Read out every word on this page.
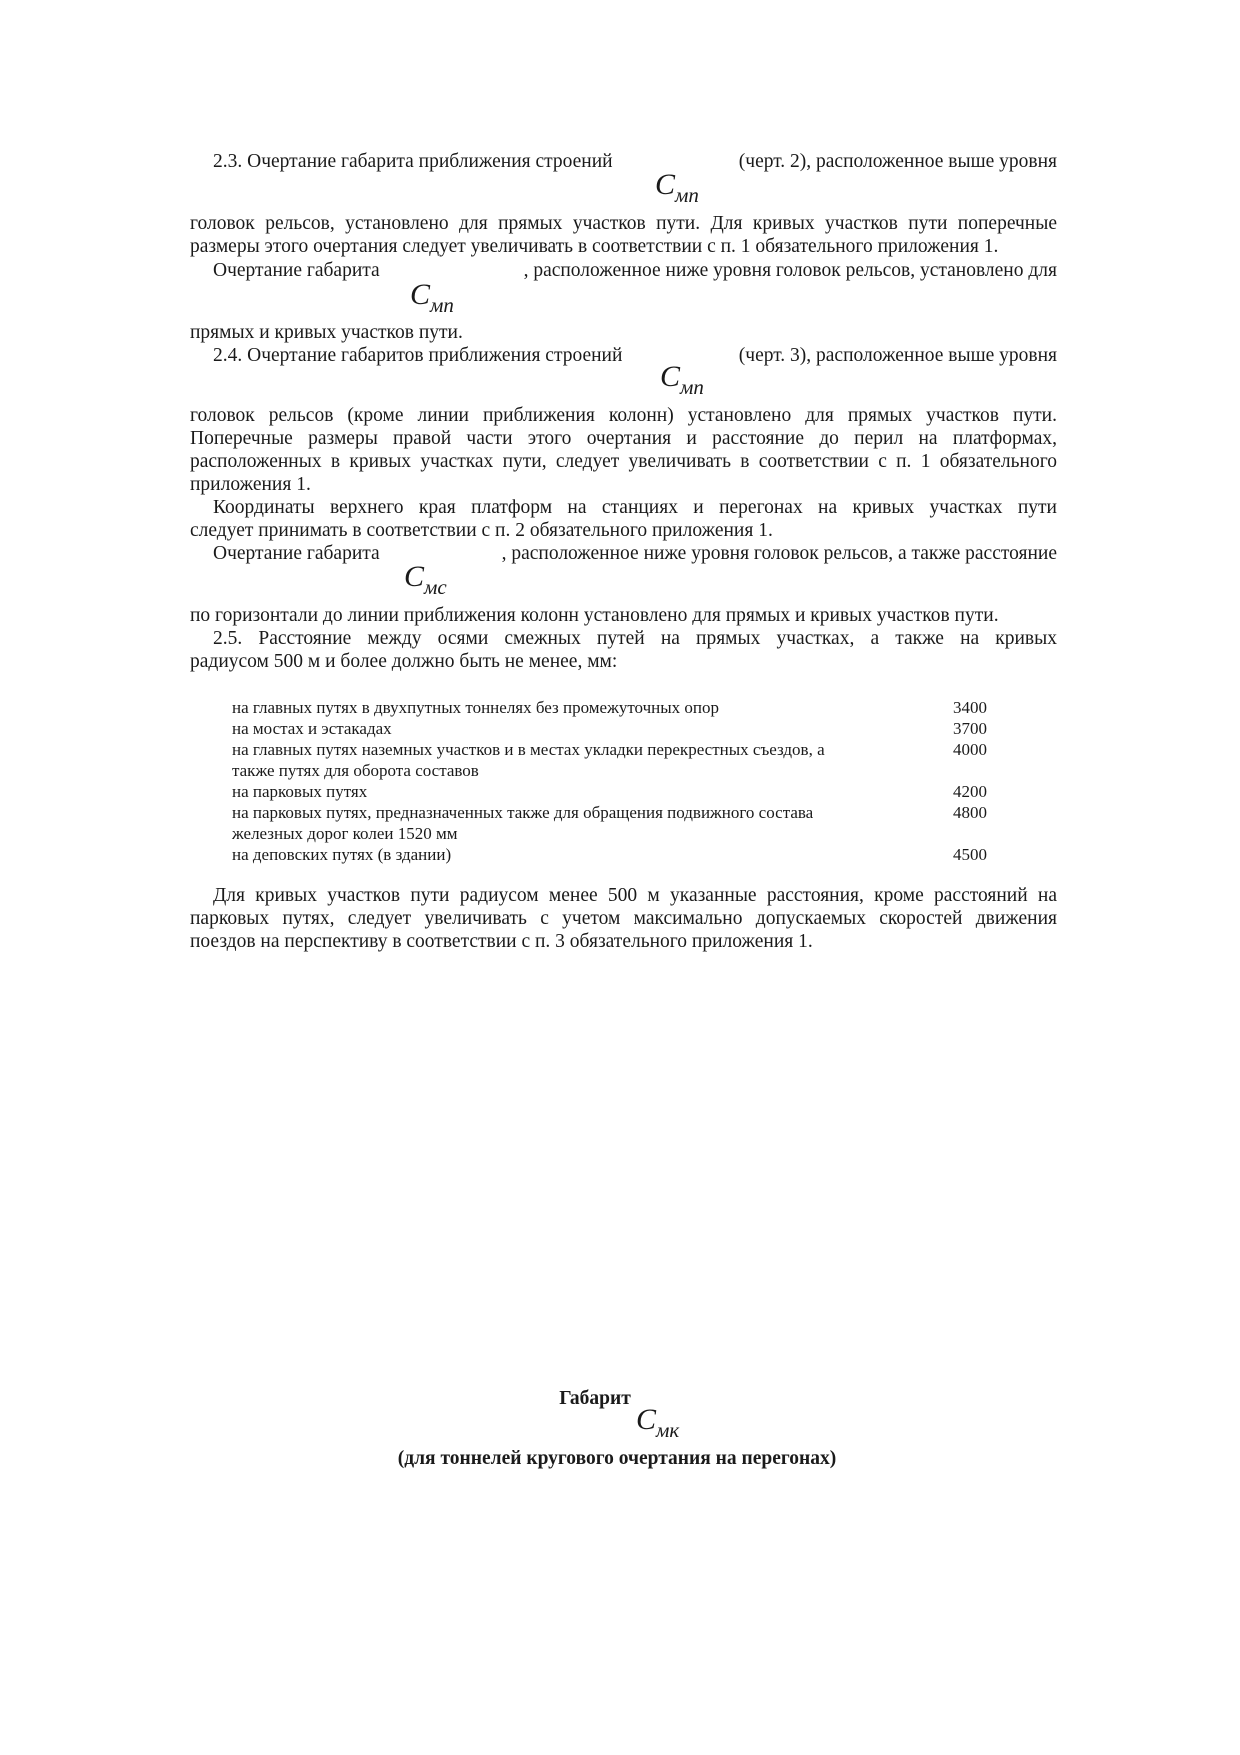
2.3. Очертание габарита приближения строений	(черт. 2), расположенное выше уровня
$C_{мп}$
головок рельсов, установлено для прямых участков пути. Для кривых участков пути поперечные
размеры этого очертания следует увеличивать в соответствии с п. 1 обязательного приложения 1.
Очертание габарита	, расположенное ниже уровня головок рельсов, установлено для
$C_{мп}$
прямых и кривых участков пути.
2.4. Очертание габаритов приближения строений	(черт. 3), расположенное выше уровня
$C_{мп}$
головок рельсов (кроме линии приближения колонн) установлено для прямых участков пути.
Поперечные размеры правой части этого очертания и расстояние до перил на платформах,
расположенных в кривых участках пути, следует увеличивать в соответствии с п. 1 обязательного
приложения 1.
Координаты верхнего края платформ на станциях и перегонах на кривых участках пути
следует принимать в соответствии с п. 2 обязательного приложения 1.
Очертание габарита	, расположенное ниже уровня головок рельсов, а также расстояние
$C_{мс}$
по горизонтали до линии приближения колонн установлено для прямых и кривых участков пути.
2.5. Расстояние между осями смежных путей на прямых участках, а также на кривых
радиусом 500 м и более должно быть не менее, мм:
на главных путях в двухпутных тоннелях без промежуточных опор	3400
на мостах и эстакадах	3700
на главных путях наземных участков и в местах укладки перекрестных съездов, а	4000
также путях для оборота составов
на парковых путях	4200
на парковых путях, предназначенных также для обращения подвижного состава	4800
железных дорог колеи 1520 мм
на деповских путях (в здании)	4500
Для кривых участков пути радиусом менее 500 м указанные расстояния, кроме расстояний на
парковых путях, следует увеличивать с учетом максимально допускаемых скоростей движения
поездов на перспективу в соответствии с п. 3 обязательного приложения 1.
Габарит
$C_{мк}$
(для тоннелей кругового очертания на перегонах)
